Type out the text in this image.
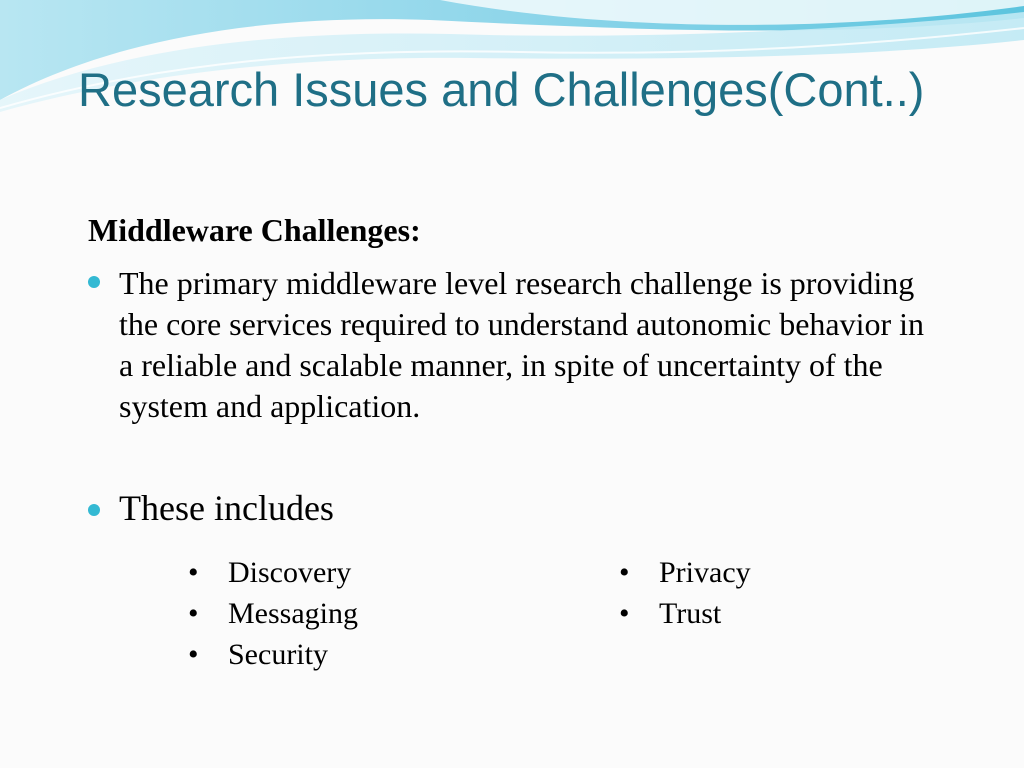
Research Issues and Challenges(Cont..)
Middleware Challenges:
The primary middleware level research challenge is providing the core services required to understand autonomic behavior in a reliable and scalable manner, in spite of uncertainty of the system and application.
These includes
• Discovery
• Messaging
• Security
• Privacy
• Trust
